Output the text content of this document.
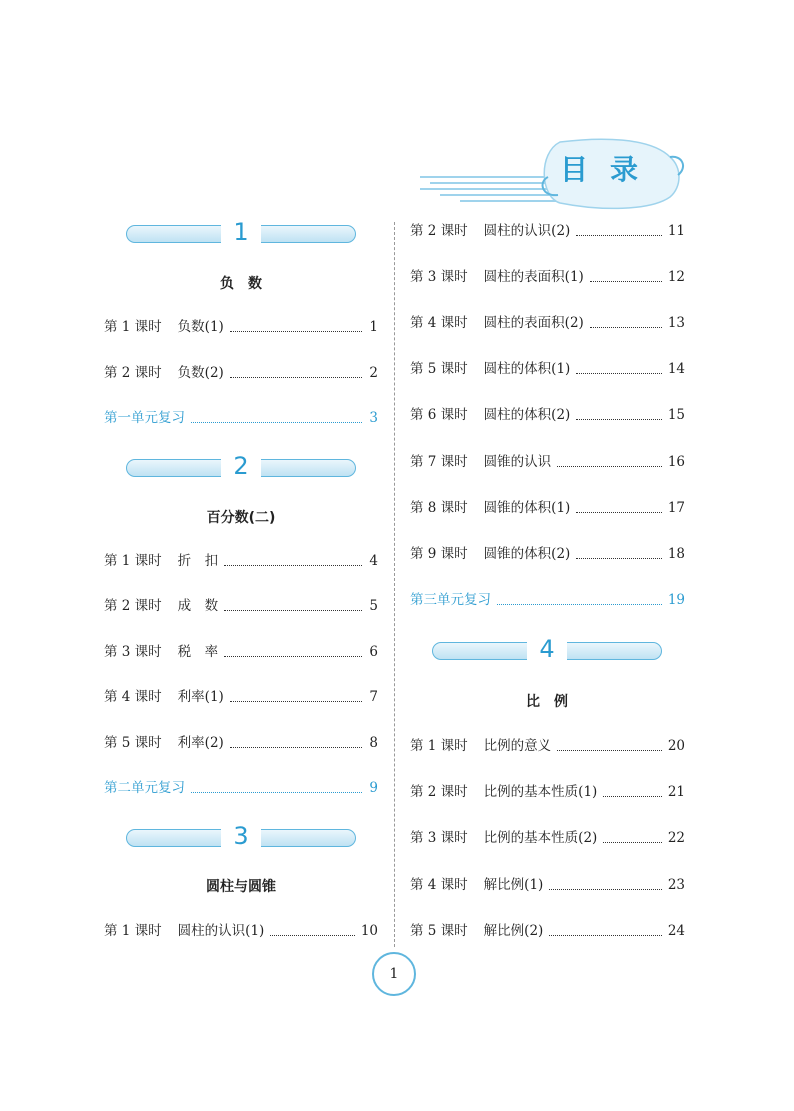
目录
1
负　数
第 1 课时 负数(1)	1
第 2 课时 负数(2)	2
第一单元复习	3
2
百分数(二)
第 1 课时 折　扣	4
第 2 课时 成　数	5
第 3 课时 税　率	6
第 4 课时 利率(1)	7
第 5 课时 利率(2)	8
第二单元复习	9
3
圆柱与圆锥
第 1 课时 圆柱的认识(1)	10
第 2 课时 圆柱的认识(2)	11
第 3 课时 圆柱的表面积(1)	12
第 4 课时 圆柱的表面积(2)	13
第 5 课时 圆柱的体积(1)	14
第 6 课时 圆柱的体积(2)	15
第 7 课时 圆锥的认识	16
第 8 课时 圆锥的体积(1)	17
第 9 课时 圆锥的体积(2)	18
第三单元复习	19
4
比　例
第 1 课时 比例的意义	20
第 2 课时 比例的基本性质(1)	21
第 3 课时 比例的基本性质(2)	22
第 4 课时 解比例(1)	23
第 5 课时 解比例(2)	24
1
